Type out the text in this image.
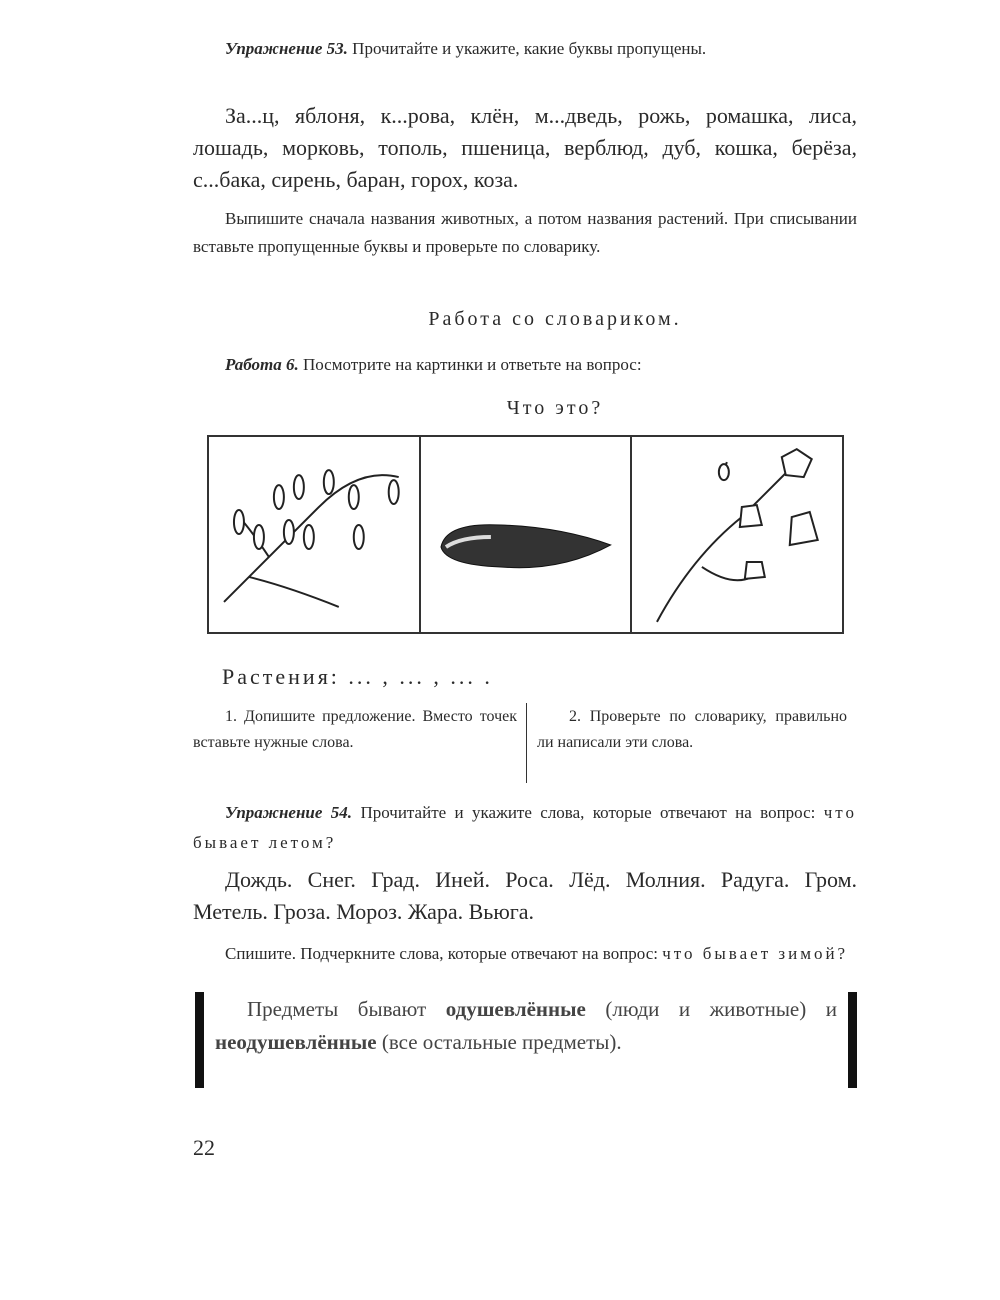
Упражнение 53. Прочитайте и укажите, какие буквы пропущены.
За...ц, яблоня, к...рова, клён, м...дведь, рожь, ромашка, лиса, лошадь, морковь, тополь, пшеница, верблюд, дуб, кошка, берёза, с...бака, сирень, баран, горох, коза.
Выпишите сначала названия животных, а потом названия растений. При списывании вставьте пропущенные буквы и проверьте по словарику.
Работа со словариком.
Работа 6. Посмотрите на картинки и ответьте на вопрос:
Что это?
Растения: ... , ... , ... .
1. Допишите предложение. Вместо точек вставьте нужные слова.
2. Проверьте по словарику, правильно ли написали эти слова.
Упражнение 54. Прочитайте и укажите слова, которые отвечают на вопрос: что бывает летом?
Дождь. Снег. Град. Иней. Роса. Лёд. Молния. Радуга. Гром. Метель. Гроза. Мороз. Жара. Вьюга.
Спишите. Подчеркните слова, которые отвечают на вопрос: что бывает зимой?
Предметы бывают одушевлённые (люди и животные) и неодушевлённые (все остальные предметы).
22
